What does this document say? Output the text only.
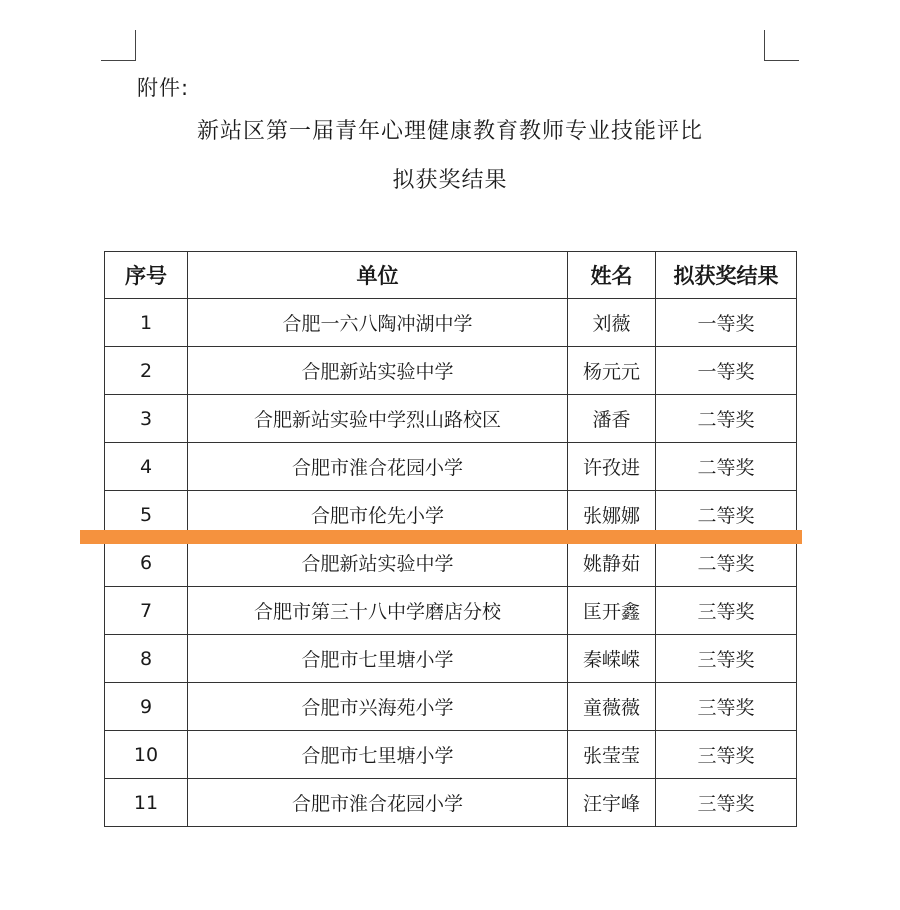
附件:
新站区第一届青年心理健康教育教师专业技能评比
拟获奖结果
序号	单位	姓名	拟获奖结果
1	合肥一六八陶冲湖中学	刘薇	一等奖
2	合肥新站实验中学	杨元元	一等奖
3	合肥新站实验中学烈山路校区	潘香	二等奖
4	合肥市淮合花园小学	许孜进	二等奖
5	合肥市伦先小学	张娜娜	二等奖
6	合肥新站实验中学	姚静茹	二等奖
7	合肥市第三十八中学磨店分校	匡开鑫	三等奖
8	合肥市七里塘小学	秦嵘嵘	三等奖
9	合肥市兴海苑小学	童薇薇	三等奖
10	合肥市七里塘小学	张莹莹	三等奖
11	合肥市淮合花园小学	汪宇峰	三等奖
